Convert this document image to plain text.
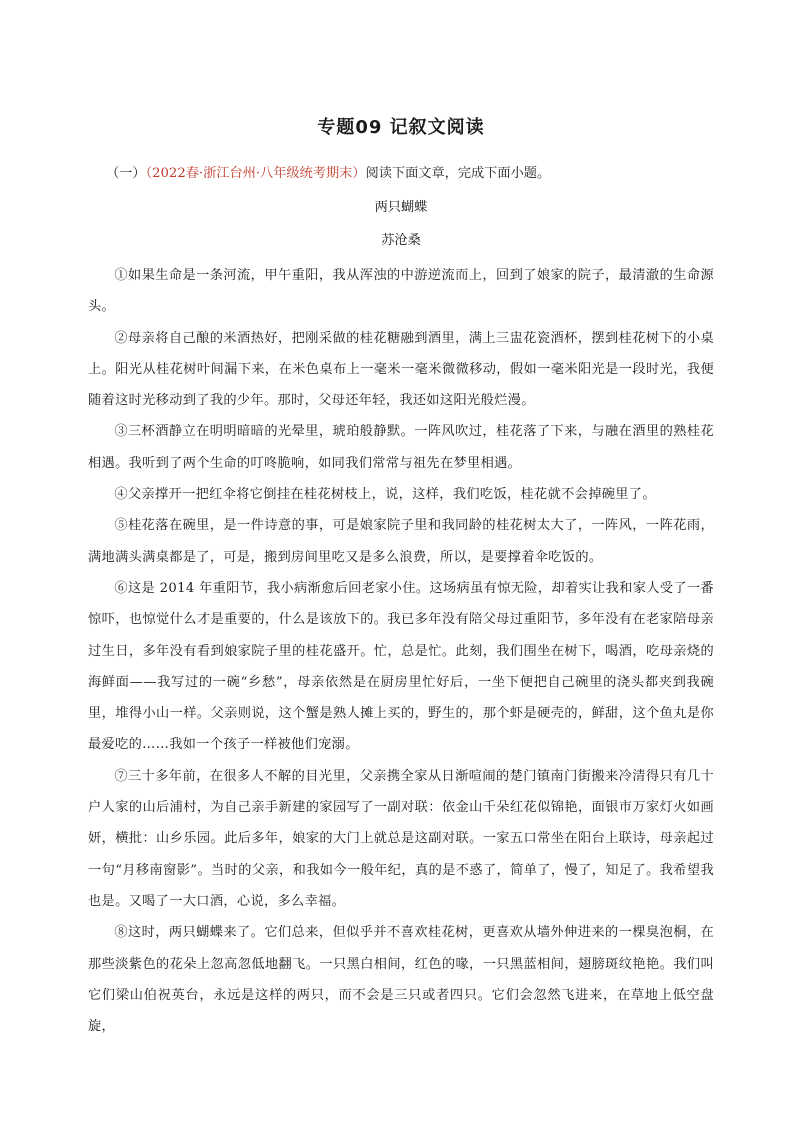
专题09 记叙文阅读
（一）（2022春·浙江台州·八年级统考期末）阅读下面文章，完成下面小题。
两只蝴蝶
苏沧桑

①如果生命是一条河流，甲午重阳，我从浑浊的中游逆流而上，回到了娘家的院子，最清澈的生命源头。

②母亲将自己酿的米酒热好，把刚采做的桂花糖融到酒里，满上三盅花瓷酒杯，摆到桂花树下的小桌上。阳光从桂花树叶间漏下来，在米色桌布上一毫米一毫米微微移动，假如一毫米阳光是一段时光，我便随着这时光移动到了我的少年。那时，父母还年轻，我还如这阳光般烂漫。

③三杯酒静立在明明暗暗的光晕里，琥珀般静默。一阵风吹过，桂花落了下来，与融在酒里的熟桂花相遇。我听到了两个生命的叮咚脆响，如同我们常常与祖先在梦里相遇。

④父亲撑开一把红伞将它倒挂在桂花树枝上，说，这样，我们吃饭，桂花就不会掉碗里了。

⑤桂花落在碗里，是一件诗意的事，可是娘家院子里和我同龄的桂花树太大了，一阵风，一阵花雨，满地满头满桌都是了，可是，搬到房间里吃又是多么浪费，所以，是要撑着伞吃饭的。

⑥这是 2014 年重阳节，我小病渐愈后回老家小住。这场病虽有惊无险，却着实让我和家人受了一番惊吓，也惊觉什么才是重要的，什么是该放下的。我已多年没有陪父母过重阳节，多年没有在老家陪母亲过生日，多年没有看到娘家院子里的桂花盛开。忙，总是忙。此刻，我们围坐在树下，喝酒，吃母亲烧的海鲜面——我写过的一碗“乡愁”，母亲依然是在厨房里忙好后，一坐下便把自己碗里的浇头都夹到我碗里，堆得小山一样。父亲则说，这个蟹是熟人摊上买的，野生的，那个虾是硬壳的，鲜甜，这个鱼丸是你最爱吃的……我如一个孩子一样被他们宠溺。

⑦三十多年前，在很多人不解的目光里，父亲携全家从日渐喧闹的楚门镇南门街搬来冷清得只有几十户人家的山后浦村，为自己亲手新建的家园写了一副对联：依金山千朵红花似锦艳，面银市万家灯火如画妍，横批：山乡乐园。此后多年，娘家的大门上就总是这副对联。一家五口常坐在阳台上联诗，母亲起过一句“月移南窗影”。当时的父亲，和我如今一般年纪，真的是不惑了，简单了，慢了，知足了。我希望我也是。又喝了一大口酒，心说，多么幸福。

⑧这时，两只蝴蝶来了。它们总来，但似乎并不喜欢桂花树，更喜欢从墙外伸进来的一棵臭泡桐，在那些淡紫色的花朵上忽高忽低地翻飞。一只黑白相间，红色的喙，一只黑蓝相间，翅膀斑纹艳艳。我们叫它们梁山伯祝英台，永远是这样的两只，而不会是三只或者四只。它们会忽然飞进来，在草地上低空盘旋，
